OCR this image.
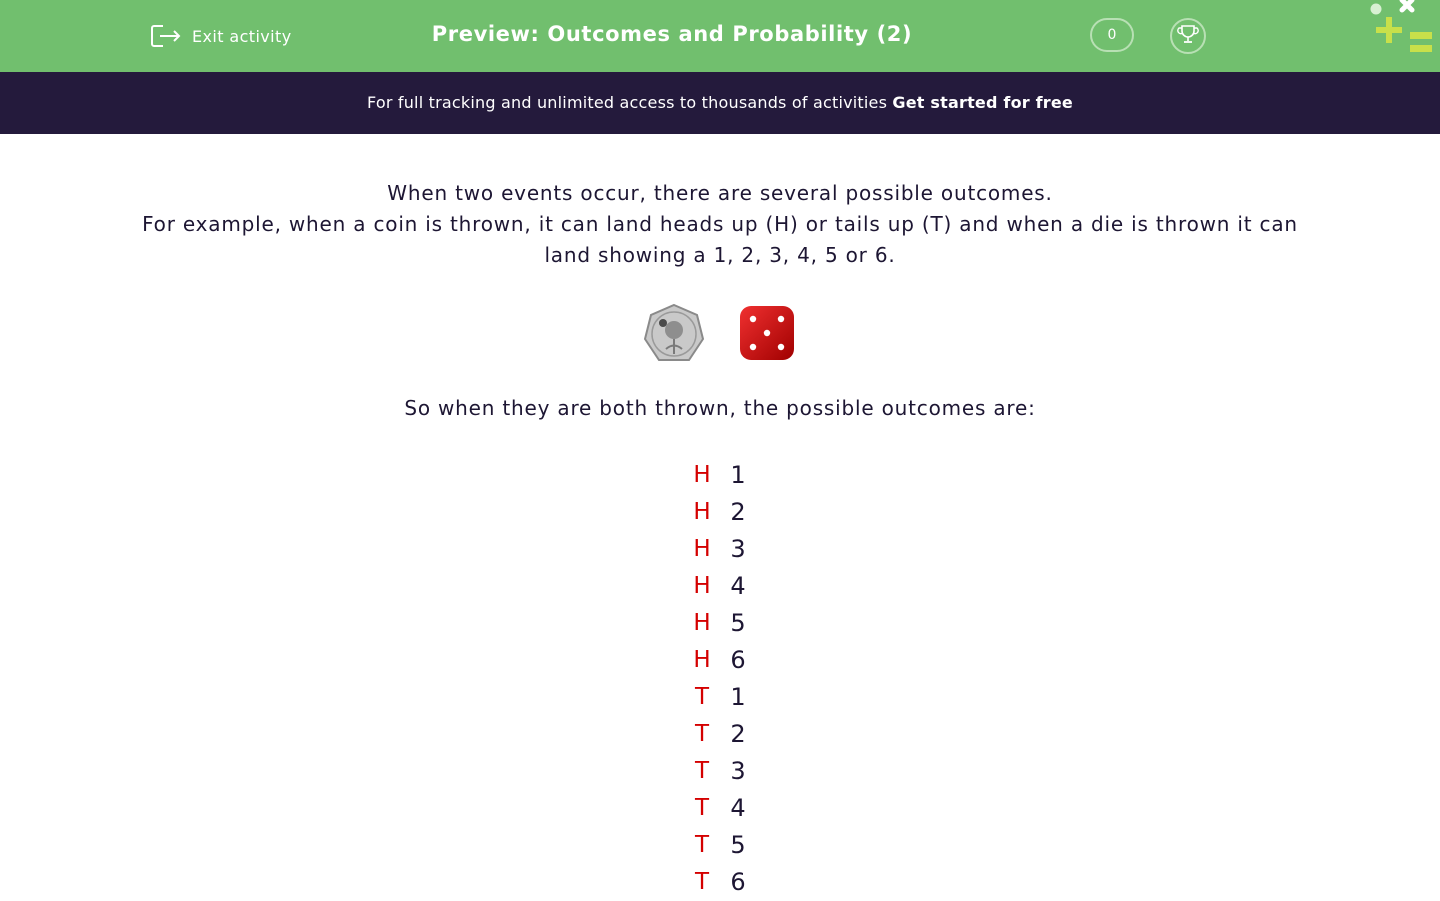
Exit activity	Preview: Outcomes and Probability (2)	0
For full tracking and unlimited access to thousands of activities Get started for free
When two events occur, there are several possible outcomes.
For example, when a coin is thrown, it can land heads up (H) or tails up (T) and when a die is thrown it can land showing a 1, 2, 3, 4, 5 or 6.
So when they are both thrown, the possible outcomes are:
H 1
H 2
H 3
H 4
H 5
H 6
T 1
T 2
T 3
T 4
T 5
T 6
